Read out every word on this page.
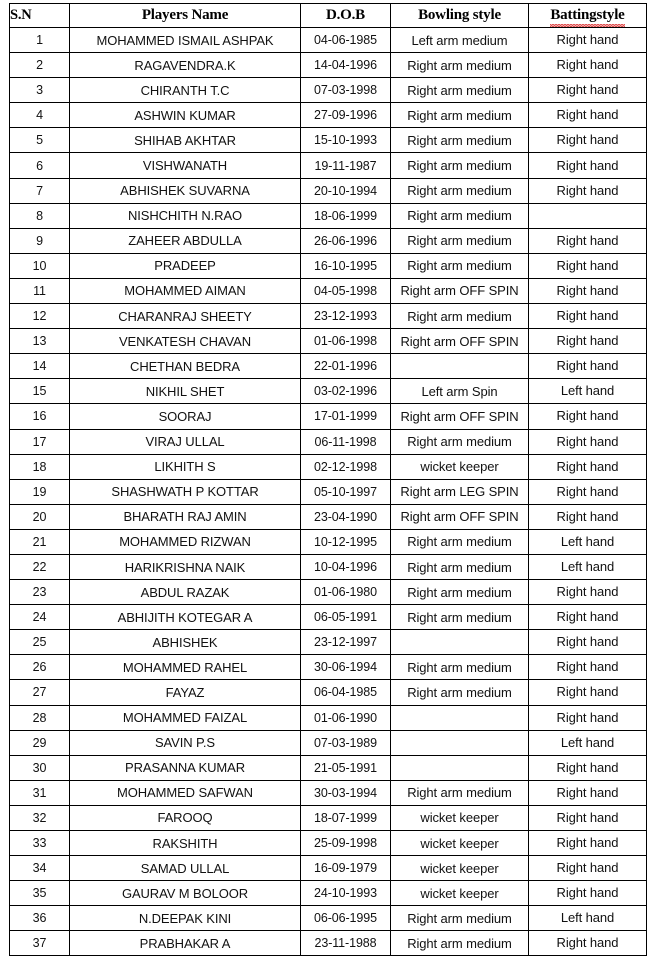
S.N	Players Name	D.O.B	Bowling style	Battingstyle
1	MOHAMMED ISMAIL ASHPAK	04-06-1985	Left arm medium	Right hand
2	RAGAVENDRA.K	14-04-1996	Right arm medium	Right hand
3	CHIRANTH T.C	07-03-1998	Right arm medium	Right hand
4	ASHWIN KUMAR	27-09-1996	Right arm medium	Right hand
5	SHIHAB AKHTAR	15-10-1993	Right arm medium	Right hand
6	VISHWANATH	19-11-1987	Right arm medium	Right hand
7	ABHISHEK SUVARNA	20-10-1994	Right arm medium	Right hand
8	NISHCHITH N.RAO	18-06-1999	Right arm medium	
9	ZAHEER ABDULLA	26-06-1996	Right arm medium	Right hand
10	PRADEEP	16-10-1995	Right arm medium	Right hand
11	MOHAMMED AIMAN	04-05-1998	Right arm OFF SPIN	Right hand
12	CHARANRAJ SHEETY	23-12-1993	Right arm medium	Right hand
13	VENKATESH CHAVAN	01-06-1998	Right arm OFF SPIN	Right hand
14	CHETHAN BEDRA	22-01-1996		Right hand
15	NIKHIL SHET	03-02-1996	Left arm Spin	Left hand
16	SOORAJ	17-01-1999	Right arm OFF SPIN	Right hand
17	VIRAJ ULLAL	06-11-1998	Right arm medium	Right hand
18	LIKHITH S	02-12-1998	wicket keeper	Right hand
19	SHASHWATH P KOTTAR	05-10-1997	Right arm LEG SPIN	Right hand
20	BHARATH RAJ AMIN	23-04-1990	Right arm OFF SPIN	Right hand
21	MOHAMMED RIZWAN	10-12-1995	Right arm medium	Left hand
22	HARIKRISHNA NAIK	10-04-1996	Right arm medium	Left hand
23	ABDUL RAZAK	01-06-1980	Right arm medium	Right hand
24	ABHIJITH KOTEGAR A	06-05-1991	Right arm medium	Right hand
25	ABHISHEK	23-12-1997		Right hand
26	MOHAMMED RAHEL	30-06-1994	Right arm medium	Right hand
27	FAYAZ	06-04-1985	Right arm medium	Right hand
28	MOHAMMED FAIZAL	01-06-1990		Right hand
29	SAVIN P.S	07-03-1989		Left hand
30	PRASANNA KUMAR	21-05-1991		Right hand
31	MOHAMMED SAFWAN	30-03-1994	Right arm medium	Right hand
32	FAROOQ	18-07-1999	wicket keeper	Right hand
33	RAKSHITH	25-09-1998	wicket keeper	Right hand
34	SAMAD ULLAL	16-09-1979	wicket keeper	Right hand
35	GAURAV M BOLOOR	24-10-1993	wicket keeper	Right hand
36	N.DEEPAK KINI	06-06-1995	Right arm medium	Left hand
37	PRABHAKAR A	23-11-1988	Right arm medium	Right hand
